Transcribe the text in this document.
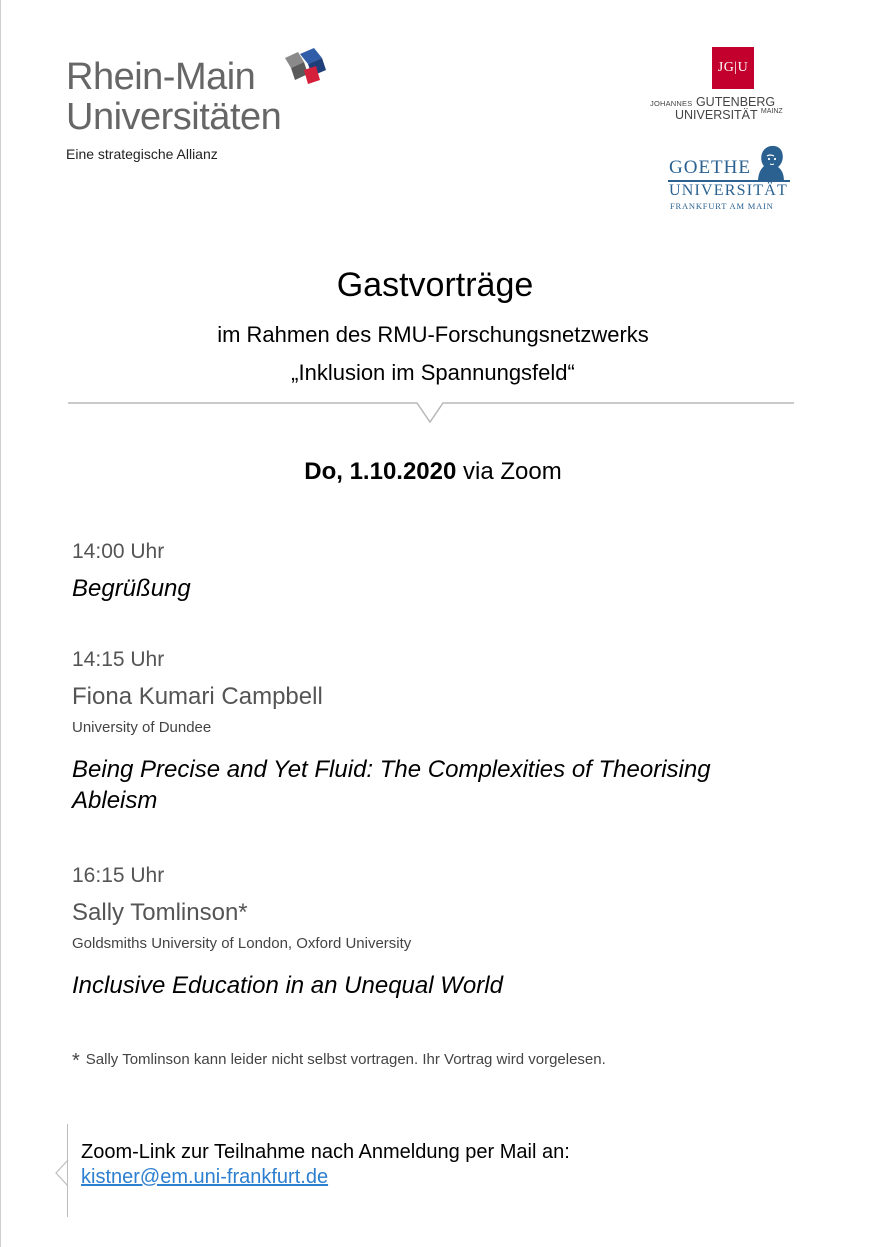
Rhein-Main
Universitäten
Eine strategische Allianz
JG|U
JOHANNES GUTENBERG
UNIVERSITÄT $^{MAINZ}$
GOETHE
UNIVERSITÄT
FRANKFURT AM MAIN
Gastvorträge
im Rahmen des RMU-Forschungsnetzwerks
„Inklusion im Spannungsfeld“
Do, 1.10.2020 via Zoom
14:00 Uhr
Begrüßung
14:15 Uhr
Fiona Kumari Campbell
University of Dundee
Being Precise and Yet Fluid: The Complexities of Theorising
Ableism
16:15 Uhr
Sally Tomlinson*
Goldsmiths University of London, Oxford University
Inclusive Education in an Unequal World
* Sally Tomlinson kann leider nicht selbst vortragen. Ihr Vortrag wird vorgelesen.
Zoom-Link zur Teilnahme nach Anmeldung per Mail an:
kistner@em.uni-frankfurt.de
